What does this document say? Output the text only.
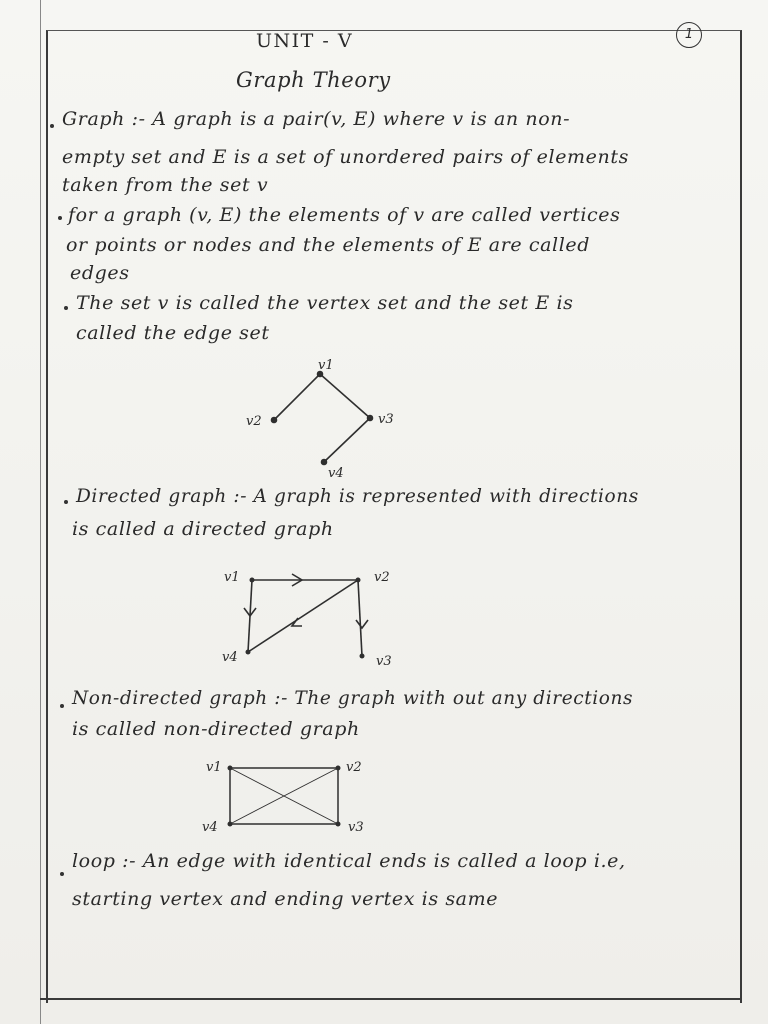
1
UNIT - V
Graph Theory
Graph :- A graph is a pair(v, E) where v is an non-
empty set and E is a set of unordered pairs of elements
taken from the set v
for a graph (v, E) the elements of v are called vertices
or points or nodes and the elements of E are called
edges
The set v is called the vertex set and the set E is
called the edge set
v1
v2	v3
v4
Directed graph :- A graph is represented with directions
is called a directed graph
v1	v2
v3
v4
Non-directed graph :- The graph with out any directions
is called non-directed graph
v1	v2
v3
v4
loop :- An edge with identical ends is called a loop i.e,
starting vertex and ending vertex is same
